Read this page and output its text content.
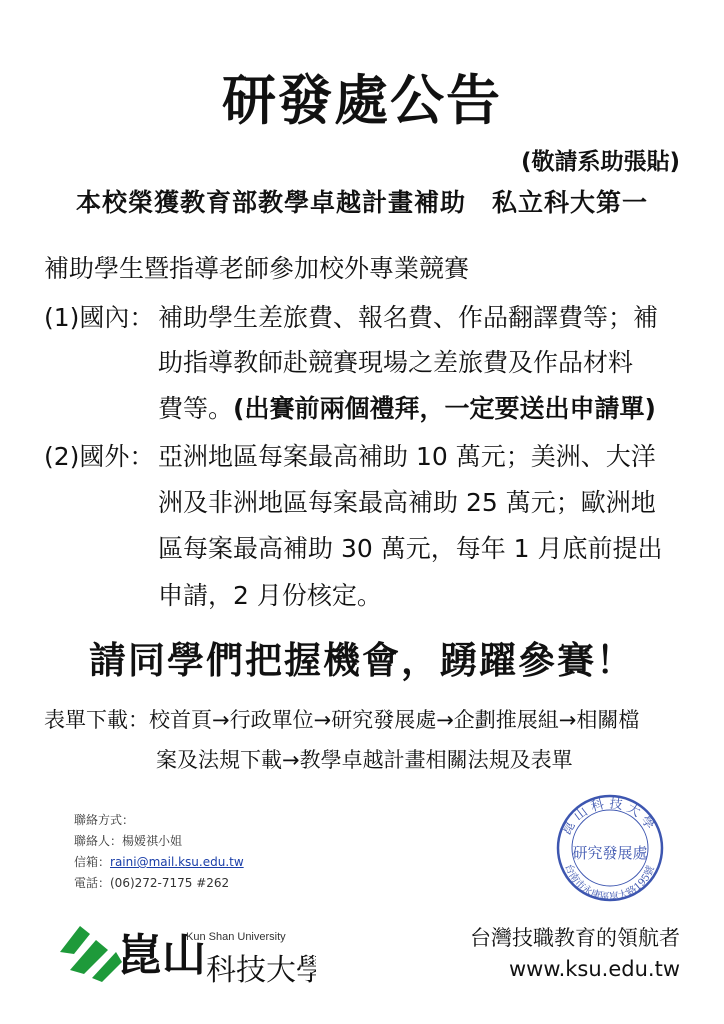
研發處公告
(敬請系助張貼)
本校榮獲教育部教學卓越計畫補助　私立科大第一
補助學生暨指導老師參加校外專業競賽
(1)國內： 補助學生差旅費、報名費、作品翻譯費等；補
助指導教師赴競賽現場之差旅費及作品材料
費等。(出賽前兩個禮拜，一定要送出申請單)
(2)國外： 亞洲地區每案最高補助 10 萬元；美洲、大洋
洲及非洲地區每案最高補助 25 萬元；歐洲地
區每案最高補助 30 萬元，每年 1 月底前提出
申請，2 月份核定。
請同學們把握機會，踴躍參賽！
表單下載：校首頁→行政單位→研究發展處→企劃推展組→相關檔
案及法規下載→教學卓越計畫相關法規及表單
聯絡方式：
聯絡人：楊嫒祺小姐
信箱：raini@mail.ksu.edu.tw
電話：(06)272-7175 #262
崑山 科技大學
Kun Shan University
崑 山 科 技 大 學
台南市永康區崑大路195號
研究發展處
台灣技職教育的領航者
www.ksu.edu.tw
